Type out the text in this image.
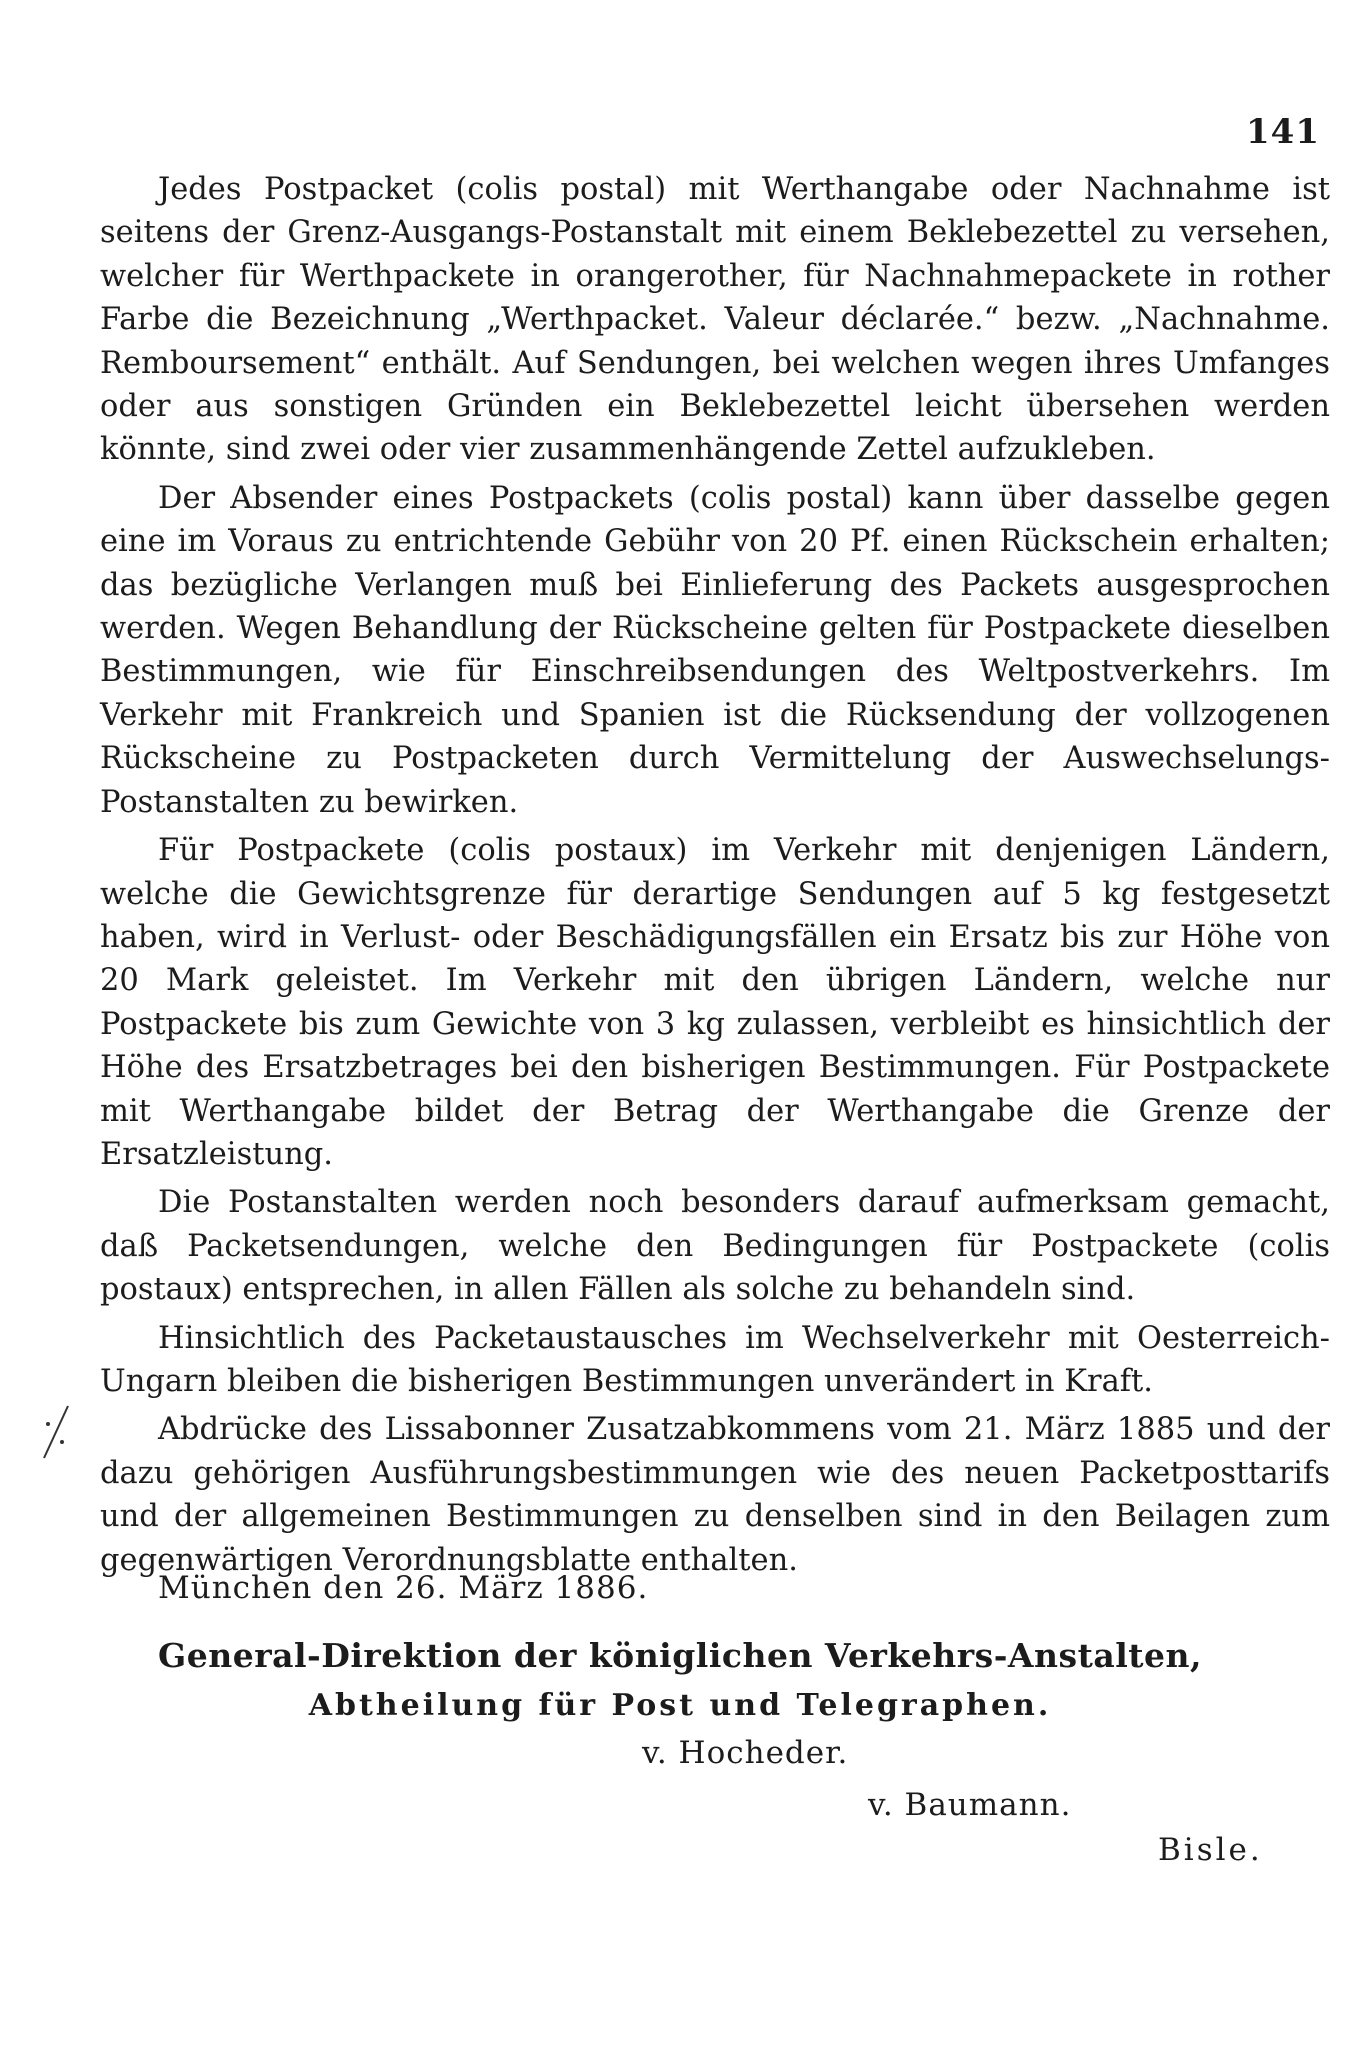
141

Jedes Postpacket (colis postal) mit Werthangabe oder Nachnahme ist seitens der Grenz-Ausgangs-Postanstalt mit einem Beklebezettel zu versehen, welcher für Werthpackete in orangerother, für Nachnahmepackete in rother Farbe die Bezeichnung „Werthpacket. Valeur déclarée.“ bezw. „Nachnahme. Remboursement“ enthält. Auf Sendungen, bei welchen wegen ihres Umfanges oder aus sonstigen Gründen ein Beklebezettel leicht übersehen werden könnte, sind zwei oder vier zusammenhängende Zettel aufzukleben.

Der Absender eines Postpackets (colis postal) kann über dasselbe gegen eine im Voraus zu entrichtende Gebühr von 20 Pf. einen Rückschein erhalten; das bezügliche Verlangen muß bei Einlieferung des Packets ausgesprochen werden. Wegen Behandlung der Rückscheine gelten für Postpackete dieselben Bestimmungen, wie für Einschreibsendungen des Weltpostverkehrs. Im Verkehr mit Frankreich und Spanien ist die Rücksendung der vollzogenen Rückscheine zu Postpacketen durch Vermittelung der Auswechselungs-Postanstalten zu bewirken.

Für Postpackete (colis postaux) im Verkehr mit denjenigen Ländern, welche die Gewichtsgrenze für derartige Sendungen auf 5 kg festgesetzt haben, wird in Verlust- oder Beschädigungsfällen ein Ersatz bis zur Höhe von 20 Mark geleistet. Im Verkehr mit den übrigen Ländern, welche nur Postpackete bis zum Gewichte von 3 kg zulassen, verbleibt es hinsichtlich der Höhe des Ersatzbetrages bei den bisherigen Bestimmungen. Für Postpackete mit Werthangabe bildet der Betrag der Werthangabe die Grenze der Ersatzleistung.

Die Postanstalten werden noch besonders darauf aufmerksam gemacht, daß Packetsendungen, welche den Bedingungen für Postpackete (colis postaux) entsprechen, in allen Fällen als solche zu behandeln sind.

Hinsichtlich des Packetaustausches im Wechselverkehr mit Oesterreich-Ungarn bleiben die bisherigen Bestimmungen unverändert in Kraft.

Abdrücke des Lissabonner Zusatzabkommens vom 21. März 1885 und der dazu gehörigen Ausführungsbestimmungen wie des neuen Packetposttarifs und der allgemeinen Bestimmungen zu denselben sind in den Beilagen zum gegenwärtigen Verordnungsblatte enthalten.

München den 26. März 1886.
General-Direktion der königlichen Verkehrs-Anstalten,
Abtheilung für Post und Telegraphen.
v. Hocheder.
v. Baumann.
Bisle.
